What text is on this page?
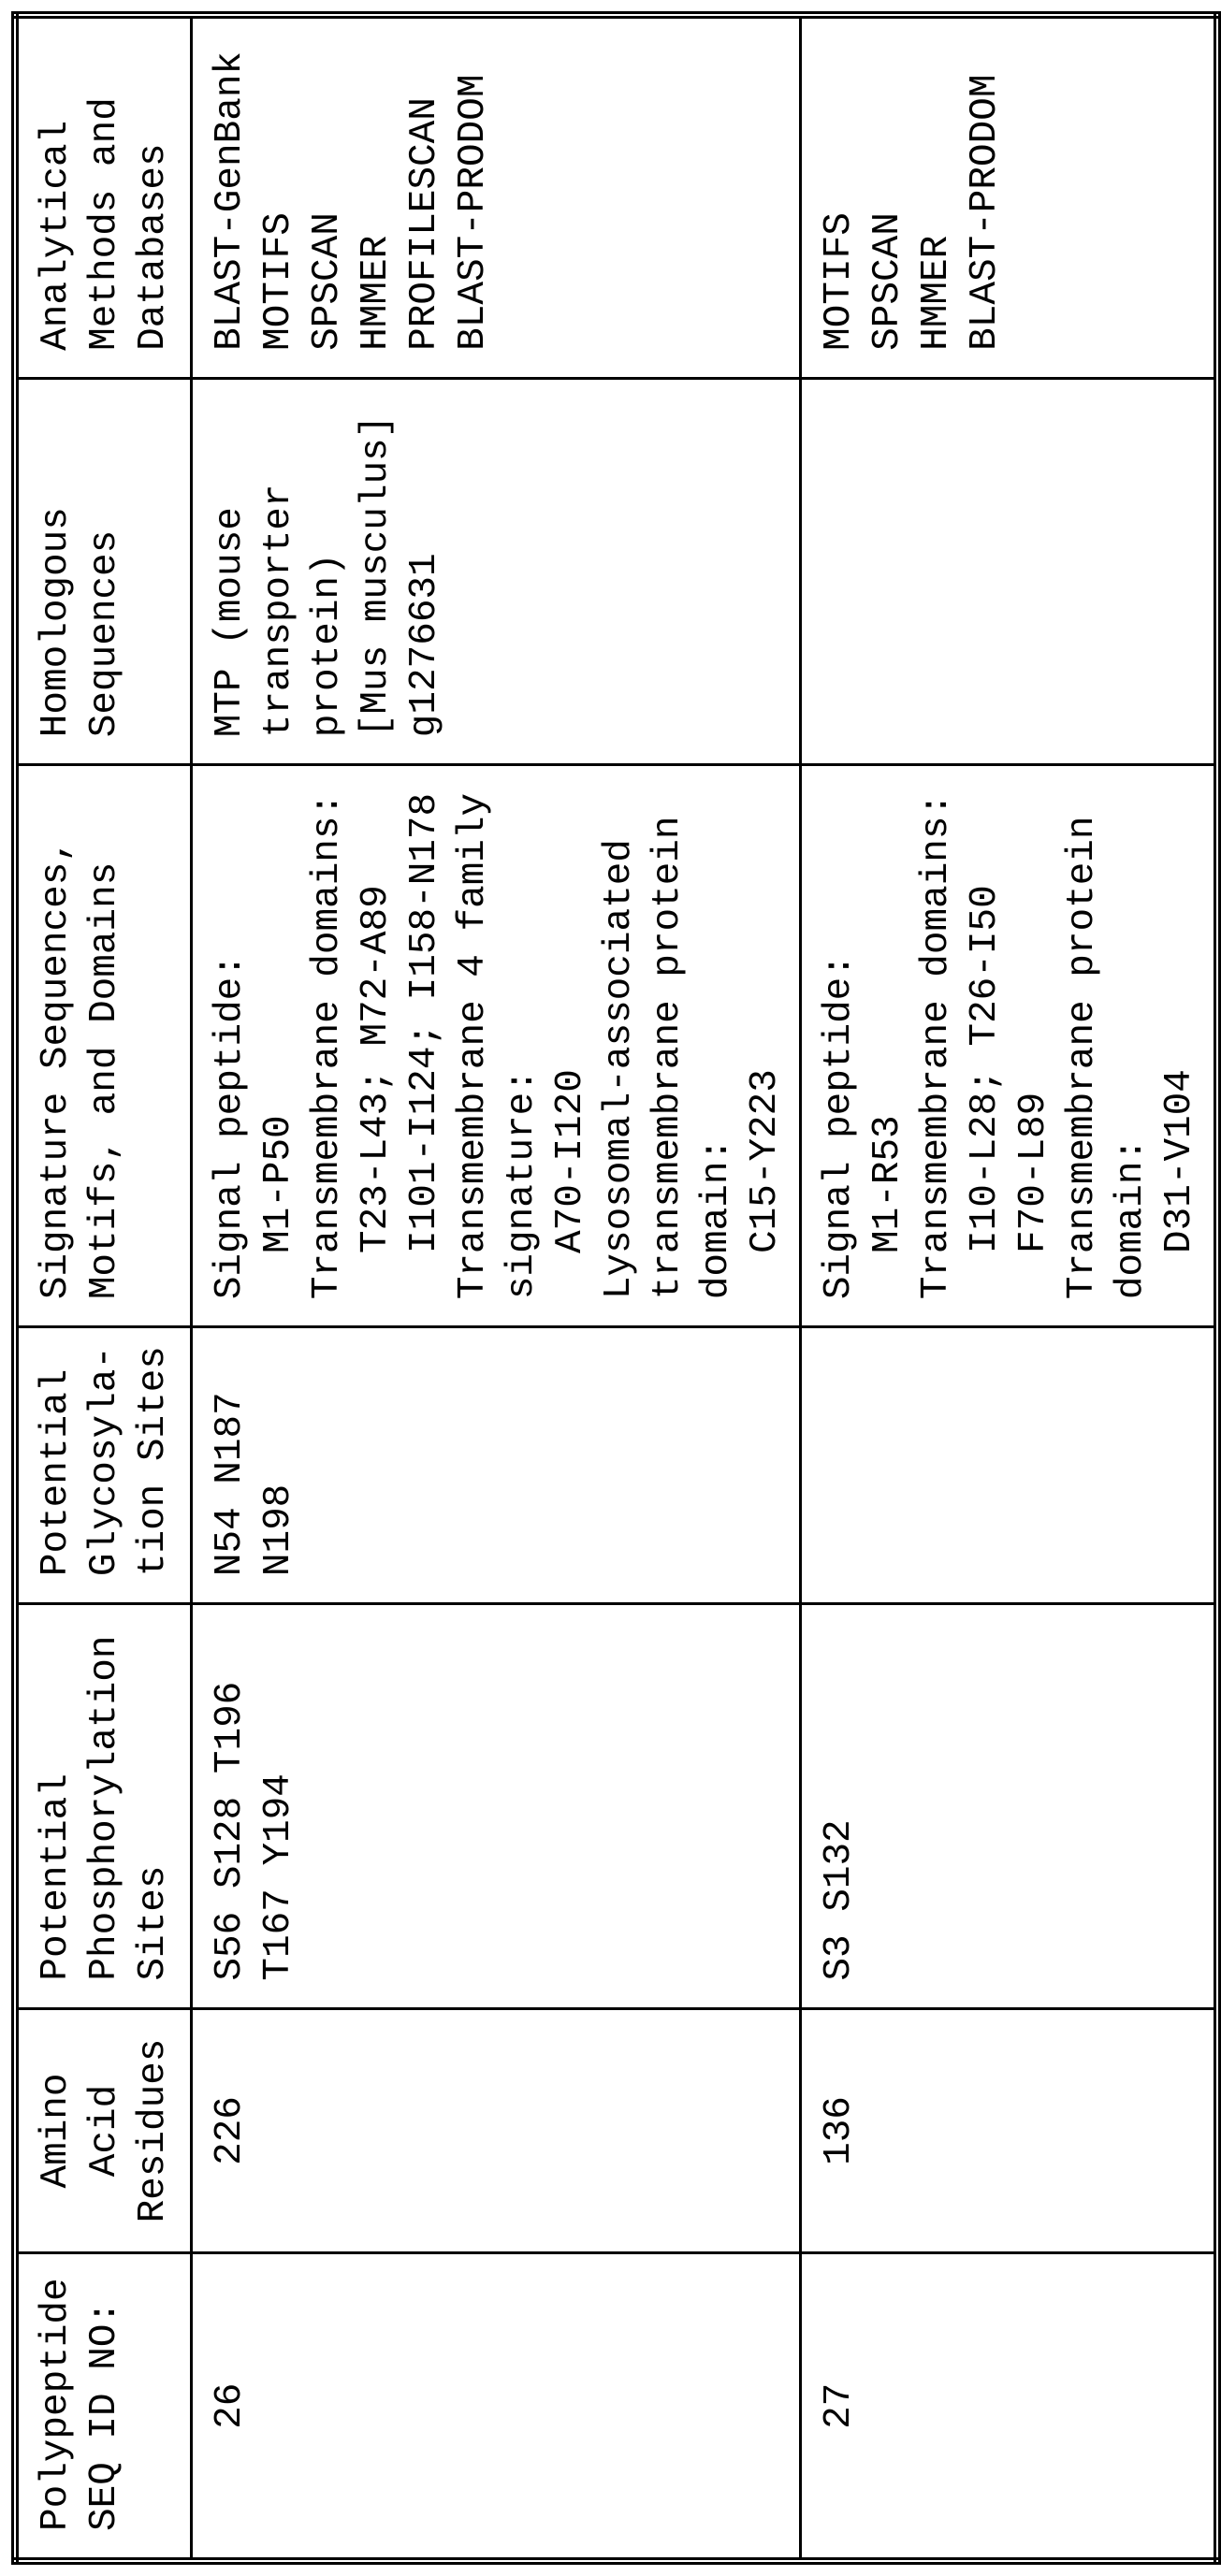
Polypeptide
SEQ ID NO:	Amino
Acid
Residues	Potential
Phosphorylation
Sites	Potential
Glycosyla-
tion Sites	Signature Sequences,
Motifs, and Domains	Homologous
Sequences	Analytical
Methods and
Databases
26	226	S56 S128 T196
T167 Y194	N54 N187
N198	Signal peptide:
M1-P50
Transmembrane domains:
T23-L43; M72-A89
I101-I124; I158-N178
Transmembrane 4 family
signature:
A70-I120
Lysosomal-associated
transmembrane protein
domain:
C15-Y223	MTP (mouse
transporter
protein)
[Mus musculus]
g1276631	BLAST-GenBank
MOTIFS
SPSCAN
HMMER
PROFILESCAN
BLAST-PRODOM
27	136	S3 S132		Signal peptide:
M1-R53
Transmembrane domains:
I10-L28; T26-I50
F70-L89
Transmembrane protein
domain:
D31-V104		MOTIFS
SPSCAN
HMMER
BLAST-PRODOM
